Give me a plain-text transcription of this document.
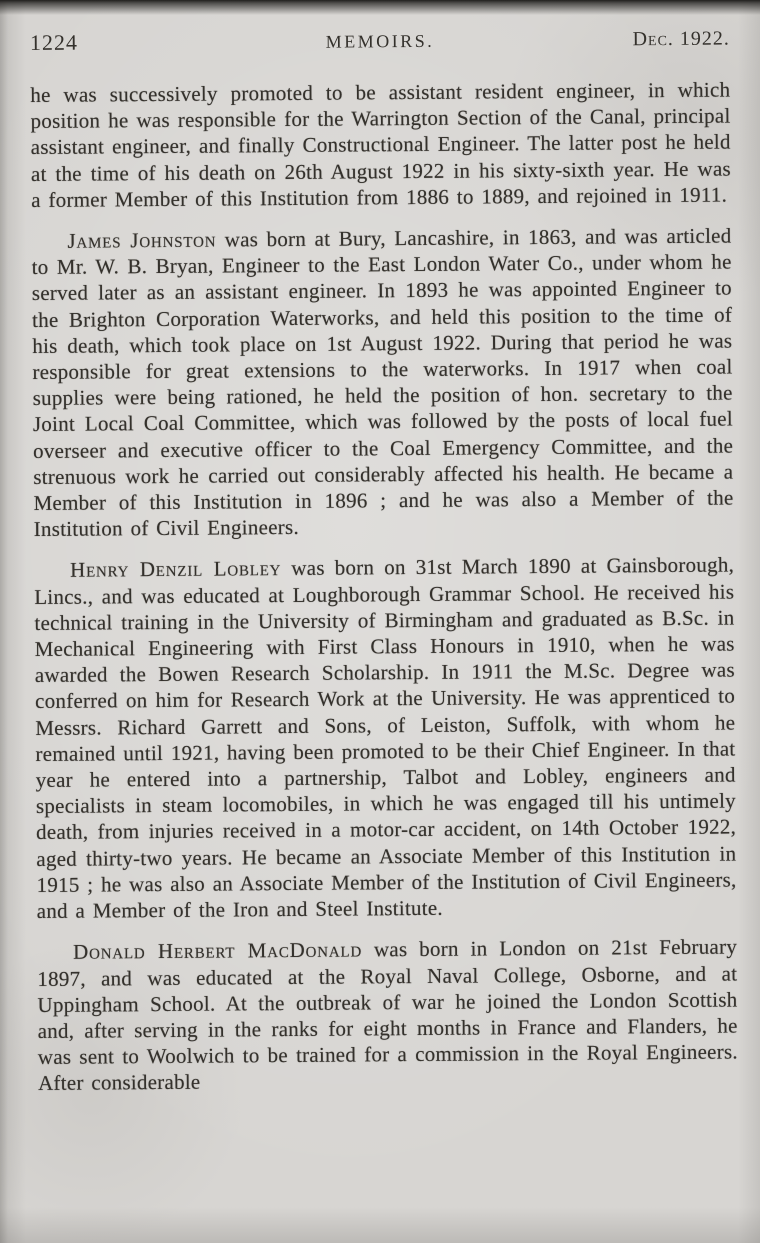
1224	MEMOIRS.	Dec. 1922.

he was successively promoted to be assistant resident engineer, in which position he was responsible for the Warrington Section of the Canal, principal assistant engineer, and finally Constructional Engineer. The latter post he held at the time of his death on 26th August 1922 in his sixty-sixth year. He was a former Member of this Institution from 1886 to 1889, and rejoined in 1911.

James Johnston was born at Bury, Lancashire, in 1863, and was articled to Mr. W. B. Bryan, Engineer to the East London Water Co., under whom he served later as an assistant engineer. In 1893 he was appointed Engineer to the Brighton Corporation Waterworks, and held this position to the time of his death, which took place on 1st August 1922. During that period he was responsible for great extensions to the waterworks. In 1917 when coal supplies were being rationed, he held the position of hon. secretary to the Joint Local Coal Committee, which was followed by the posts of local fuel overseer and executive officer to the Coal Emergency Committee, and the strenuous work he carried out considerably affected his health. He became a Member of this Institution in 1896 ; and he was also a Member of the Institution of Civil Engineers.

Henry Denzil Lobley was born on 31st March 1890 at Gainsborough, Lincs., and was educated at Loughborough Grammar School. He received his technical training in the University of Birmingham and graduated as B.Sc. in Mechanical Engineering with First Class Honours in 1910, when he was awarded the Bowen Research Scholarship. In 1911 the M.Sc. Degree was conferred on him for Research Work at the University. He was apprenticed to Messrs. Richard Garrett and Sons, of Leiston, Suffolk, with whom he remained until 1921, having been promoted to be their Chief Engineer. In that year he entered into a partnership, Talbot and Lobley, engineers and specialists in steam locomobiles, in which he was engaged till his untimely death, from injuries received in a motor-car accident, on 14th October 1922, aged thirty-two years. He became an Associate Member of this Institution in 1915 ; he was also an Associate Member of the Institution of Civil Engineers, and a Member of the Iron and Steel Institute.

Donald Herbert MacDonald was born in London on 21st February 1897, and was educated at the Royal Naval College, Osborne, and at Uppingham School. At the outbreak of war he joined the London Scottish and, after serving in the ranks for eight months in France and Flanders, he was sent to Woolwich to be trained for a commission in the Royal Engineers. After considerable
